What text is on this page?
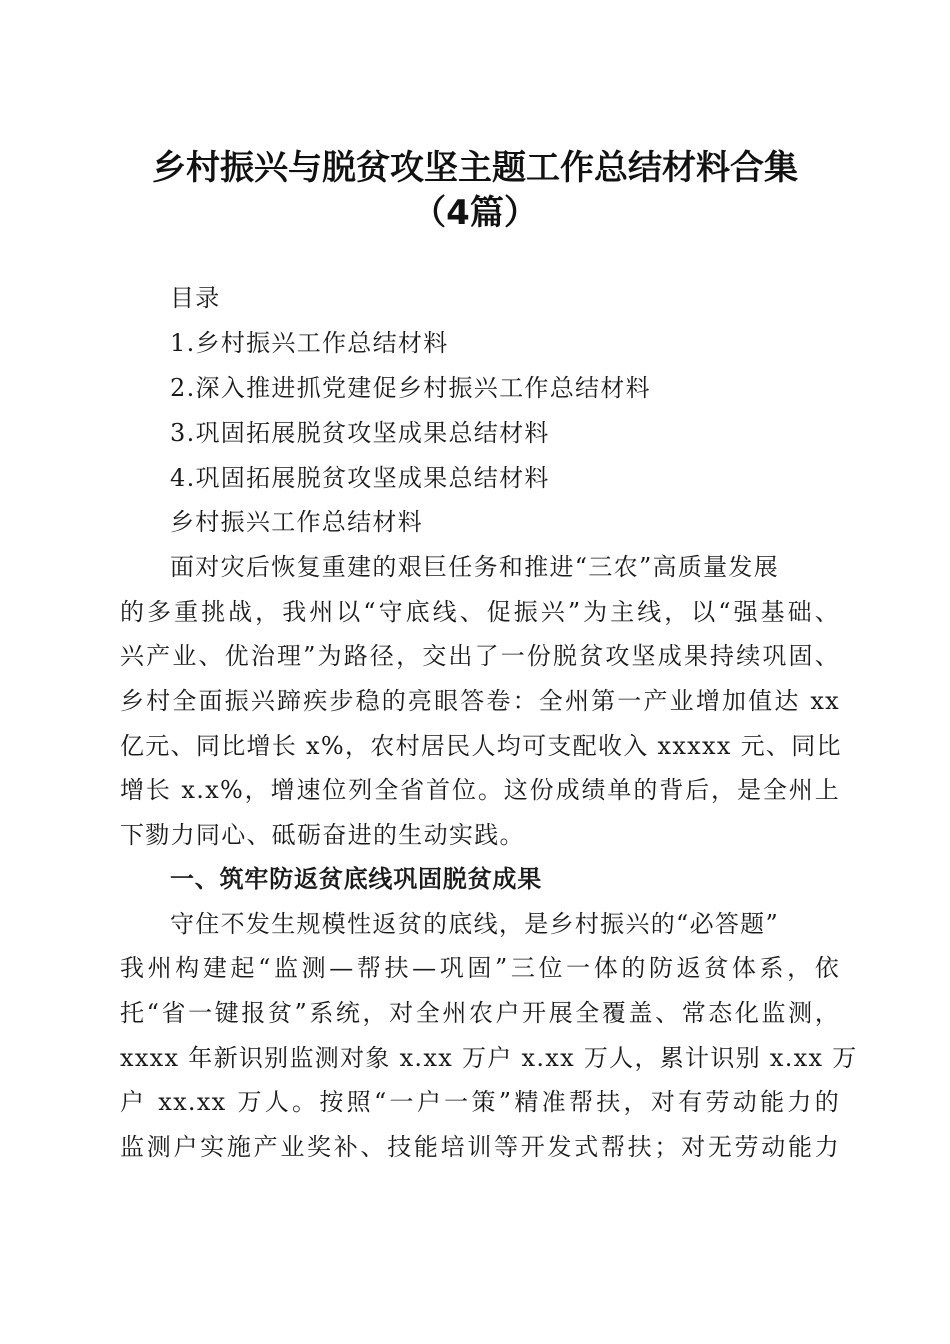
乡村振兴与脱贫攻坚主题工作总结材料合集
（4篇）
目录
1.乡村振兴工作总结材料
2.深入推进抓党建促乡村振兴工作总结材料
3.巩固拓展脱贫攻坚成果总结材料
4.巩固拓展脱贫攻坚成果总结材料
乡村振兴工作总结材料
面对灾后恢复重建的艰巨任务和推进“三农”高质量发展
的多重挑战，我州以“守底线、促振兴”为主线，以“强基础、
兴产业、优治理”为路径，交出了一份脱贫攻坚成果持续巩固、
乡村全面振兴蹄疾步稳的亮眼答卷：全州第一产业增加值达 xx
亿元、同比增长 x%，农村居民人均可支配收入 xxxxx 元、同比
增长 x.x%，增速位列全省首位。这份成绩单的背后，是全州上
下勠力同心、砥砺奋进的生动实践。
一、筑牢防返贫底线巩固脱贫成果
守住不发生规模性返贫的底线，是乡村振兴的“必答题”
我州构建起“监测—帮扶—巩固”三位一体的防返贫体系，依
托“省一键报贫”系统，对全州农户开展全覆盖、常态化监测，
xxxx 年新识别监测对象 x.xx 万户 x.xx 万人，累计识别 x.xx 万
户 xx.xx 万人。按照“一户一策”精准帮扶，对有劳动能力的
监测户实施产业奖补、技能培训等开发式帮扶；对无劳动能力
